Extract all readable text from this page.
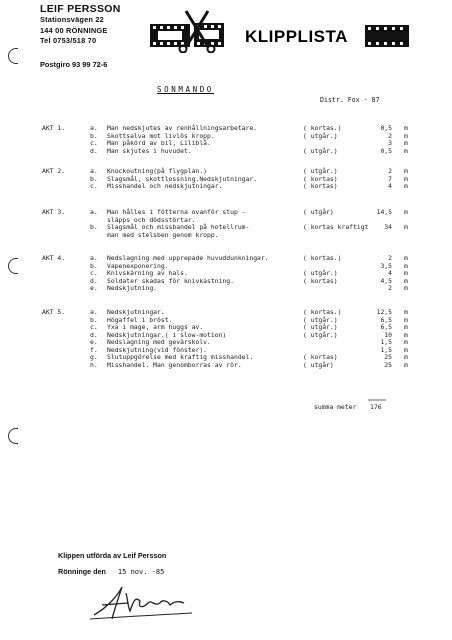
LEIF PERSSON
Stationsvägen 22
144 00 RÖNNINGE
Tel 0753/518 70
Postgiro 93 99 72-6
KLIPPLISTA
SONMANDO
Distr. Fox - 87
AKT 1.	a. Man nedskjutes av renhållningsarbetare.	( kortas.)	0,5 m
b. Skottsalva mot livlös kropp.	( utgår.)	2 m
c. Man påkörd av bil, Liliblå.	3 m
d. Man skjutes i huvudet.	( utgår.)	0,5 m
AKT 2.	a. Knockoutning(på flygplan.)	( utgår.)	2 m
b. Slagsmål, skottlossning.Nedskjutningar.	( kortas)	7 m
c. Misshandel och nedskjutningar.	( kortas)	4 m
AKT 3.	a. Man hålles i fötterna ovanför stup -
släpps och dödsstörtar.
( utgår)	14,5 m
b. Slagsmål och missbandel på hotellrum-
man med stelsben genom kropp.
( kortas kraftigt	34 m
AKT 4.	a. Nedslagning med upprepade huvuddunkningar.	( kortas.)	2 m
b. Vapenexponering.	3,5 m
c. Knivskärning av hals.	( utgår.)	4 m
d. Soldater skadas för knivkastning.	( kortas)	4,5 m
e. Nedskjutning.	2 m
AKT 5.	a. Nedskjutningar.	( kortas.)	12,5 m
b. Högaffel i bröst.	( utgår.)	6,5 m
c. Yxa i mage, arm huggs av.	( utgår.)	6,5 m
d. Nedskjutningar.( i slow-motion)	( utgår.)	10 m
e. Nedslagning med gevärskolv.	1,5 m
f. Nedskjutning(vid fönster).	1,5 m
g. Slutuppgörelse med kraftig misshandel.	( kortas)	25 m
h. Misshandel. Man genomborras av rör.	( utgår)	25 m
summa meter 176
Klippen utförda av Leif Persson
Rönninge den 15 nov. -85
